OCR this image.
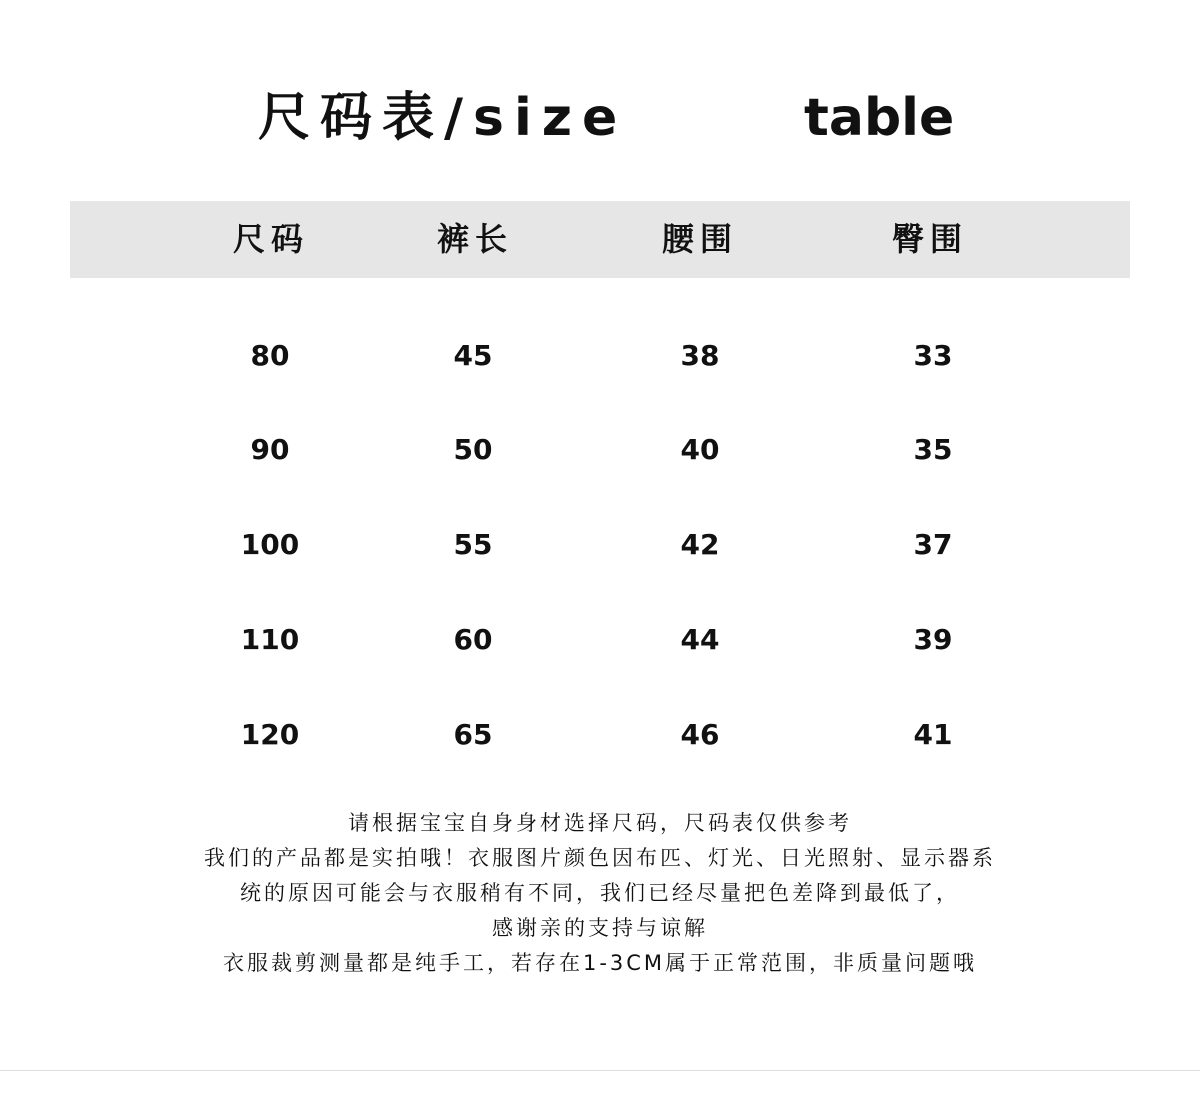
尺码表/size	table
尺码	裤长	腰围	臀围
80	45	38	33
90	50	40	35
100	55	42	37
110	60	44	39
120	65	46	41
请根据宝宝自身身材选择尺码，尺码表仅供参考
我们的产品都是实拍哦！衣服图片颜色因布匹、灯光、日光照射、显示器系
统的原因可能会与衣服稍有不同，我们已经尽量把色差降到最低了，
感谢亲的支持与谅解
衣服裁剪测量都是纯手工，若存在1-3CM属于正常范围，非质量问题哦
